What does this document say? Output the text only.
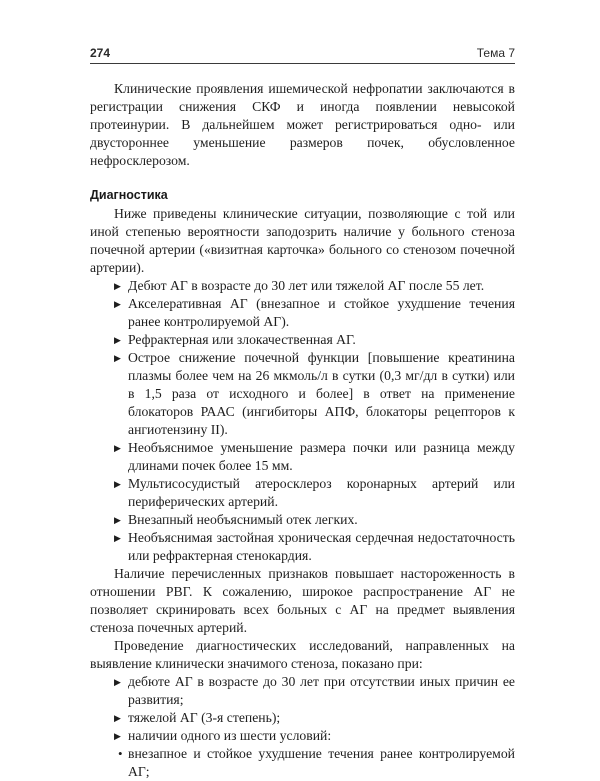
274	Тема 7

Клинические проявления ишемической нефропатии заключаются в регистрации снижения СКФ и иногда появлении невысокой протеинурии. В дальнейшем может регистрироваться одно- или двустороннее уменьшение размеров почек, обусловленное нефросклерозом.

Диагностика

Ниже приведены клинические ситуации, позволяющие с той или иной степенью вероятности заподозрить наличие у больного стеноза почечной артерии («визитная карточка» больного со стенозом почечной артерии).

▶ Дебют АГ в возрасте до 30 лет или тяжелой АГ после 55 лет.
▶ Акселеративная АГ (внезапное и стойкое ухудшение течения ранее контролируемой АГ).
▶ Рефрактерная или злокачественная АГ.
▶ Острое снижение почечной функции [повышение креатинина плазмы более чем на 26 мкмоль/л в сутки (0,3 мг/дл в сутки) или в 1,5 раза от исходного и более] в ответ на применение блокаторов РААС (ингибиторы АПФ, блокаторы рецепторов к ангиотензину II).
▶ Необъяснимое уменьшение размера почки или разница между длинами почек более 15 мм.
▶ Мультисосудистый атеросклероз коронарных артерий или периферических артерий.
▶ Внезапный необъяснимый отек легких.
▶ Необъяснимая застойная хроническая сердечная недостаточность или рефрактерная стенокардия.

Наличие перечисленных признаков повышает настороженность в отношении РВГ. К сожалению, широкое распространение АГ не позволяет скринировать всех больных с АГ на предмет выявления стеноза почечных артерий.

Проведение диагностических исследований, направленных на выявление клинически значимого стеноза, показано при:

▶ дебюте АГ в возрасте до 30 лет при отсутствии иных причин ее развития;
▶ тяжелой АГ (3-я степень);
▶ наличии одного из шести условий:
• внезапное и стойкое ухудшение течения ранее контролируемой АГ;
